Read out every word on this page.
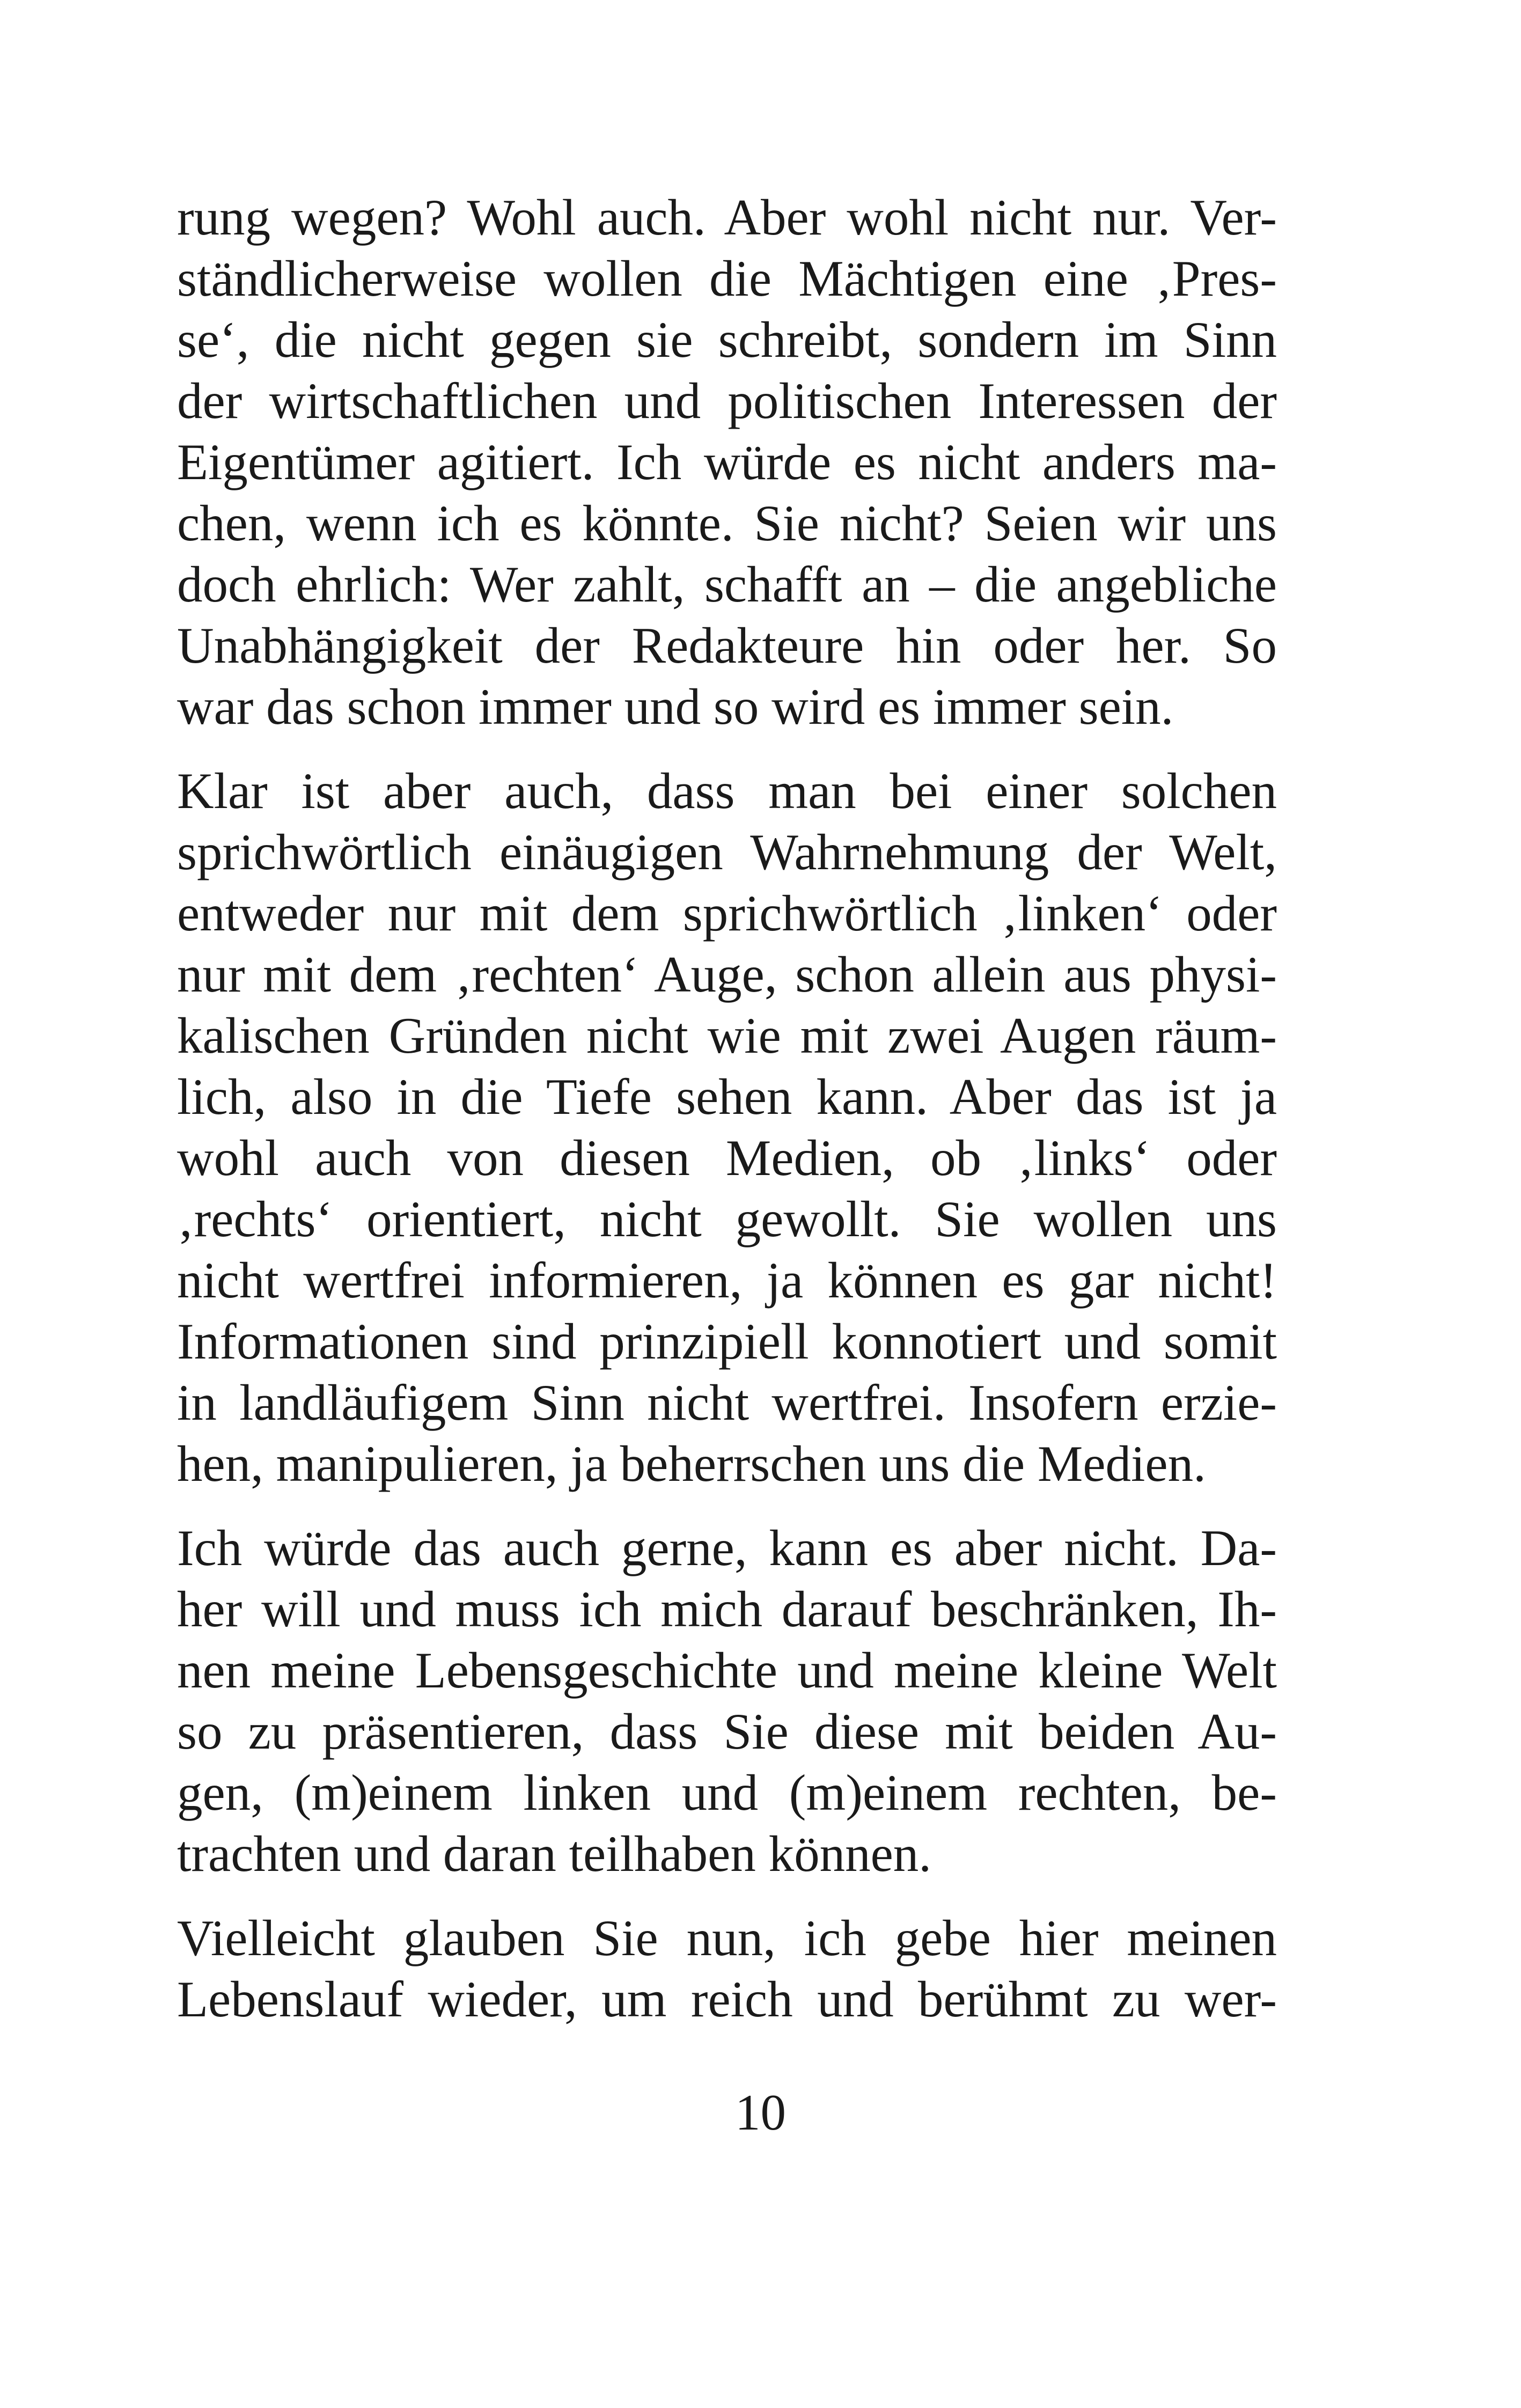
rung wegen? Wohl auch. Aber wohl nicht nur. Ver-
ständlicherweise wollen die Mächtigen eine ‚Pres-
se‘, die nicht gegen sie schreibt, sondern im Sinn
der wirtschaftlichen und politischen Interessen der
Eigentümer agitiert. Ich würde es nicht anders ma-
chen, wenn ich es könnte. Sie nicht? Seien wir uns
doch ehrlich: Wer zahlt, schafft an – die angebliche
Unabhängigkeit der Redakteure hin oder her. So
war das schon immer und so wird es immer sein.
Klar ist aber auch, dass man bei einer solchen
sprichwörtlich einäugigen Wahrnehmung der Welt,
entweder nur mit dem sprichwörtlich ‚linken‘ oder
nur mit dem ‚rechten‘ Auge, schon allein aus physi-
kalischen Gründen nicht wie mit zwei Augen räum-
lich, also in die Tiefe sehen kann. Aber das ist ja
wohl auch von diesen Medien, ob ‚links‘ oder
‚rechts‘ orientiert, nicht gewollt. Sie wollen uns
nicht wertfrei informieren, ja können es gar nicht!
Informationen sind prinzipiell konnotiert und somit
in landläufigem Sinn nicht wertfrei. Insofern erzie-
hen, manipulieren, ja beherrschen uns die Medien.
Ich würde das auch gerne, kann es aber nicht. Da-
her will und muss ich mich darauf beschränken, Ih-
nen meine Lebensgeschichte und meine kleine Welt
so zu präsentieren, dass Sie diese mit beiden Au-
gen, (m)einem linken und (m)einem rechten, be-
trachten und daran teilhaben können.
Vielleicht glauben Sie nun, ich gebe hier meinen
Lebenslauf wieder, um reich und berühmt zu wer-
10
